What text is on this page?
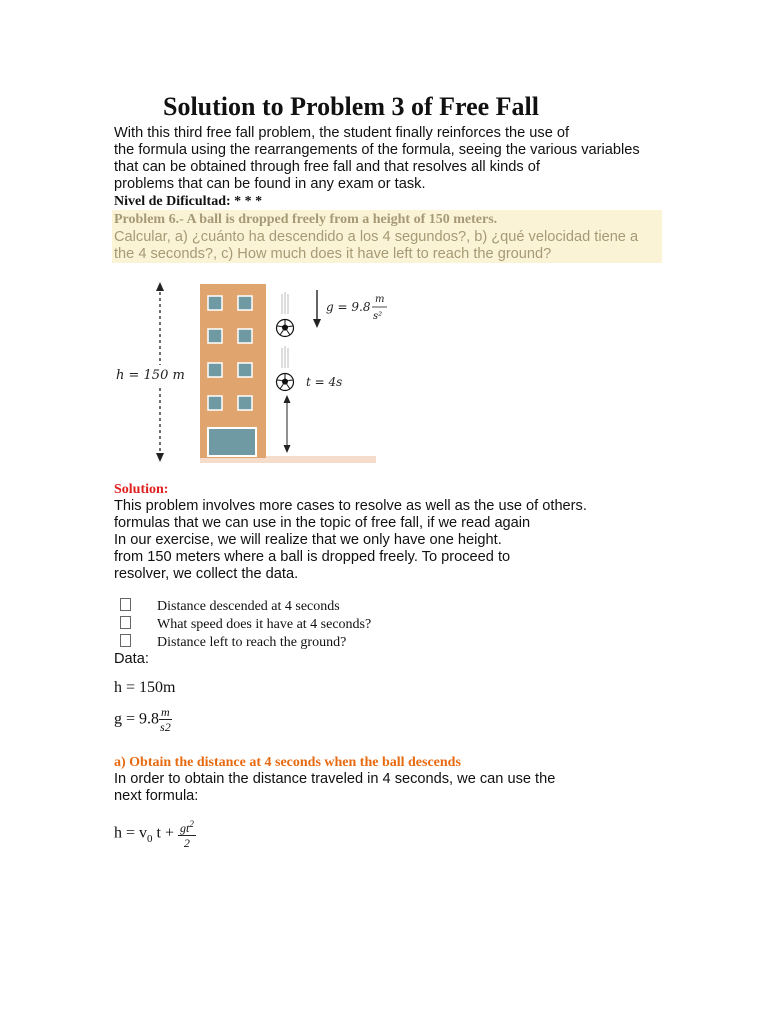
Solution to Problem 3 of Free Fall
With this third free fall problem, the student finally reinforces the use of
the formula using the rearrangements of the formula, seeing the various variables
that can be obtained through free fall and that resolves all kinds of
problems that can be found in any exam or task.
Nivel de Dificultad: * * *
Problem 6.- A ball is dropped freely from a height of 150 meters.
Calcular, a) ¿cuánto ha descendido a los 4 segundos?, b) ¿qué velocidad tiene a
the 4 seconds?, c) How much does it have left to reach the ground?
h = 150 m
g = 9.8
m
s²
t = 4s
Solution:
This problem involves more cases to resolve as well as the use of others.
formulas that we can use in the topic of free fall, if we read again
In our exercise, we will realize that we only have one height.
from 150 meters where a ball is dropped freely. To proceed to
resolver, we collect the data.
Distance descended at 4 seconds
What speed does it have at 4 seconds?
Distance left to reach the ground?
Data:
h = 150m
$g = 9.8 \frac{m}{s2}$
a) Obtain the distance at 4 seconds when the ball descends
In order to obtain the distance traveled in 4 seconds, we can use the
next formula:
$h = v_0$ $t + \frac{gt^2}{2}$
